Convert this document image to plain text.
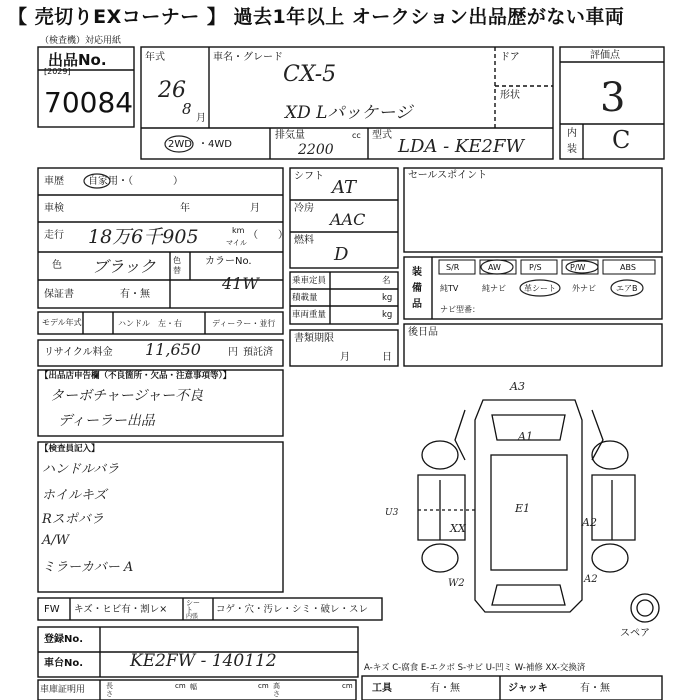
【 売切りEXコーナー 】 過去1年以上 オークション出品歴がない車両
（検査機）対応用紙
出品No.
[2029]
70084
年式
26
8
月
車名・グレード
CX-5
XD Lパッケージ
ドア
形状
評価点
3
内
装 C
2WD ・4WD
排気量	cc
2200
型式
LDA - KE2FW
車歴 自家用・（　　　　）
車検	年	月
走行 18万6千905	km
マイル
（　　）
色 ブラック 色替
カラーNo.
41W
保証書	有・無
モデル年式	ハンドル 左・右	ディーラー・並行
リサイクル料金 11,650	円 預託済
シフト
AT
冷房
AAC
燃料
D
乗車定員	名
積載量	kg
車両重量	kg
書類期限
月	日
セールスポイント
装
備
品
S/R	AW	P/S	P/W	ABS
純TV	純ナビ 革シート 外ナビ	エアB
ナビ型番：
後日品
【出品店申告欄（不良箇所・欠品・注意事項等）】
ターボチャージャー不良
ディーラー出品
【検査員記入】
ハンドルバラ
ホイルキズ
Rスポバラ
A/W
ミラーカバー A
A3
A1
U3
XX
E1
A2
W2	A2
スペア
FW キズ・ヒビ有・割レ×
シー
ト
内張
コゲ・穴・汚レ・シミ・破レ・スレ
登録No.
車台No.	KE2FW - 140112
車庫証明用	長さ
cm 幅	cm 高さ
cm
A-キズ C-腐食 E-エクボ S-サビ U-凹ミ W-補修 XX-交換済
工具	有・無	ジャッキ	有・無
